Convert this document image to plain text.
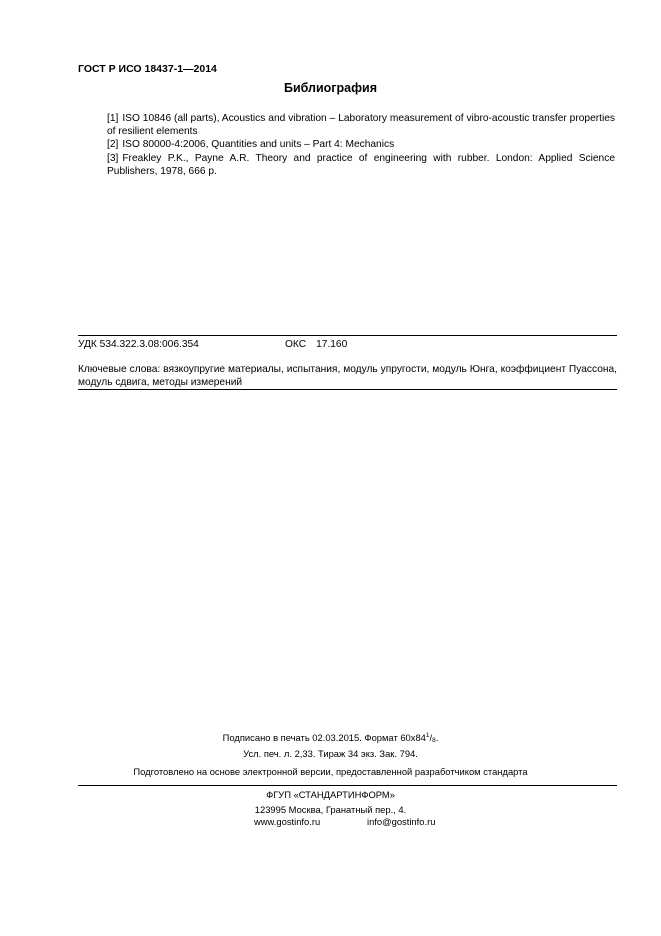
ГОСТ Р ИСО 18437-1—2014
Библиография
[1] ISO 10846 (all parts), Acoustics and vibration – Laboratory measurement of vibro-acoustic transfer properties of resilient elements
[2] ISO 80000-4:2006, Quantities and units – Part 4: Mechanics
[3] Freakley P.K., Payne A.R. Theory and practice of engineering with rubber. London: Applied Science Publishers, 1978, 666 p.
УДК 534.322.3.08:006.354	ОКС 17.160
Ключевые слова: вязкоупругие материалы, испытания, модуль упругости, модуль Юнга, коэффициент Пуассона, модуль сдвига, методы измерений
Подписано в печать 02.03.2015. Формат $60х84^1/8$.
Усл. печ. л. 2,33. Тираж 34 экз. Зак. 794.
Подготовлено на основе электронной версии, предоставленной разработчиком стандарта
ФГУП «СТАНДАРТИНФОРМ»
123995 Москва, Гранатный пер., 4.
www.gostinfo.ru	info@gostinfo.ru
